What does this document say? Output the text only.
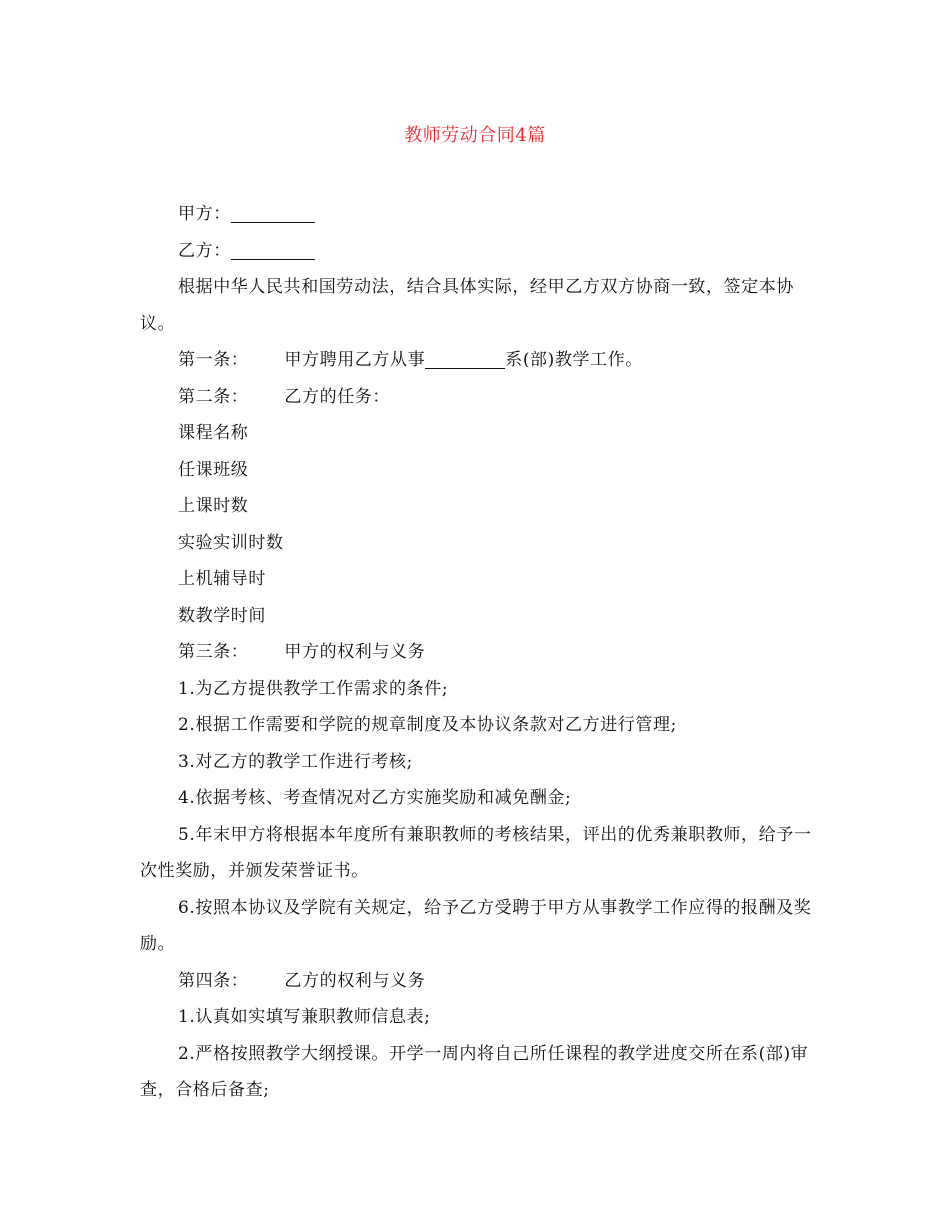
教师劳动合同4篇

甲方：

乙方：

根据中华人民共和国劳动法，结合具体实际，经甲乙方双方协商一致，签定本协议。

第一条： 甲方聘用乙方从事	系(部)教学工作。

第二条： 乙方的任务：

课程名称

任课班级

上课时数

实验实训时数

上机辅导时

数教学时间

第三条： 甲方的权利与义务

1.为乙方提供教学工作需求的条件;

2.根据工作需要和学院的规章制度及本协议条款对乙方进行管理;

3.对乙方的教学工作进行考核;

4.依据考核、考查情况对乙方实施奖励和减免酬金;

5.年末甲方将根据本年度所有兼职教师的考核结果，评出的优秀兼职教师，给予一次性奖励，并颁发荣誉证书。

6.按照本协议及学院有关规定，给予乙方受聘于甲方从事教学工作应得的报酬及奖励。

第四条： 乙方的权利与义务

1.认真如实填写兼职教师信息表;

2.严格按照教学大纲授课。开学一周内将自己所任课程的教学进度交所在系(部)审查，合格后备查;
